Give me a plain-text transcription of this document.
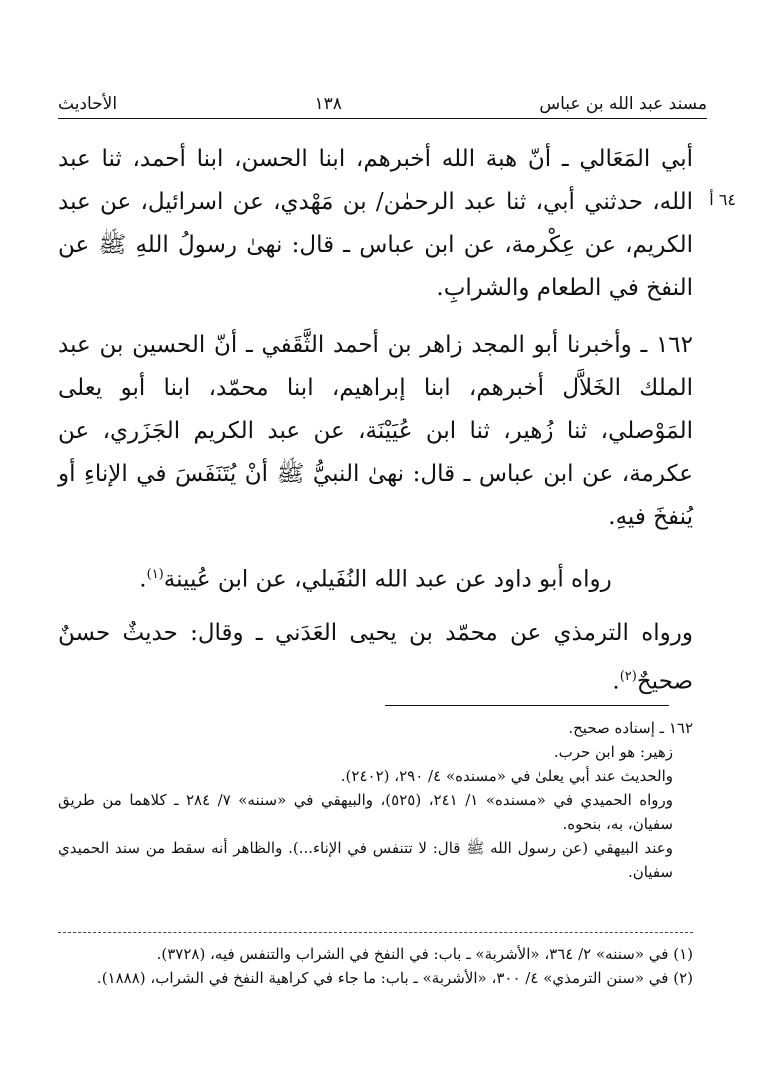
مسند عبد الله بن عباس
١٣٨
الأحاديث
٦٤ أ

أبي المَعَالي ـ أنّ هبة الله أخبرهم، ابنا الحسن، ابنا أحمد، ثنا عبد الله، حدثني أبي، ثنا عبد الرحمٰن/ بن مَهْدي، عن اسرائيل، عن عبد الكريم، عن عِكْرمة، عن ابن عباس ـ قال: نهىٰ رسولُ اللهِ ﷺ عن النفخ في الطعام والشرابِ.

١٦٢ ـ وأخبرنا أبو المجد زاهر بن أحمد الثَّقَفي ـ أنّ الحسين بن عبد الملك الخَلاَّل أخبرهم، ابنا إبراهيم، ابنا محمّد، ابنا أبو يعلى المَوْصلي، ثنا زُهير، ثنا ابن عُيَيْنَة، عن عبد الكريم الجَزَري، عن عكرمة، عن ابن عباس ـ قال: نهىٰ النبيُّ ﷺ أنْ يُتَنَفَسَ في الإناءِ أو يُنفخَ فيهِ.

رواه أبو داود عن عبد الله النُفَيلي، عن ابن عُيينة$^{(١)}$.

ورواه الترمذي عن محمّد بن يحيى العَدَني ـ وقال: حديثٌ حسنٌ صحيحٌ$^{(٢)}$.

١٦٢ ـ إسناده صحيح.
زهير: هو ابن حرب.
والحديث عند أبي يعلىٰ في «مسنده» ٤/ ٢٩٠، (٢٤٠٢).
ورواه الحميدي في «مسنده» ١/ ٢٤١، (٥٢٥)، والبيهقي في «سننه» ٧/ ٢٨٤ ـ كلاهما من طريق سفيان، به، بنحوه.
وعند البيهقي (عن رسول الله ﷺ قال: لا تتنفس في الإناء...). والظاهر أنه سقط من سند الحميدي سفيان.
(١) في «سننه» ٢/ ٣٦٤، «الأشربة» ـ باب: في النفخ في الشراب والتنفس فيه، (٣٧٢٨).
(٢) في «سنن الترمذي» ٤/ ٣٠٠، «الأشربة» ـ باب: ما جاء في كراهية النفخ في الشراب، (١٨٨٨).
